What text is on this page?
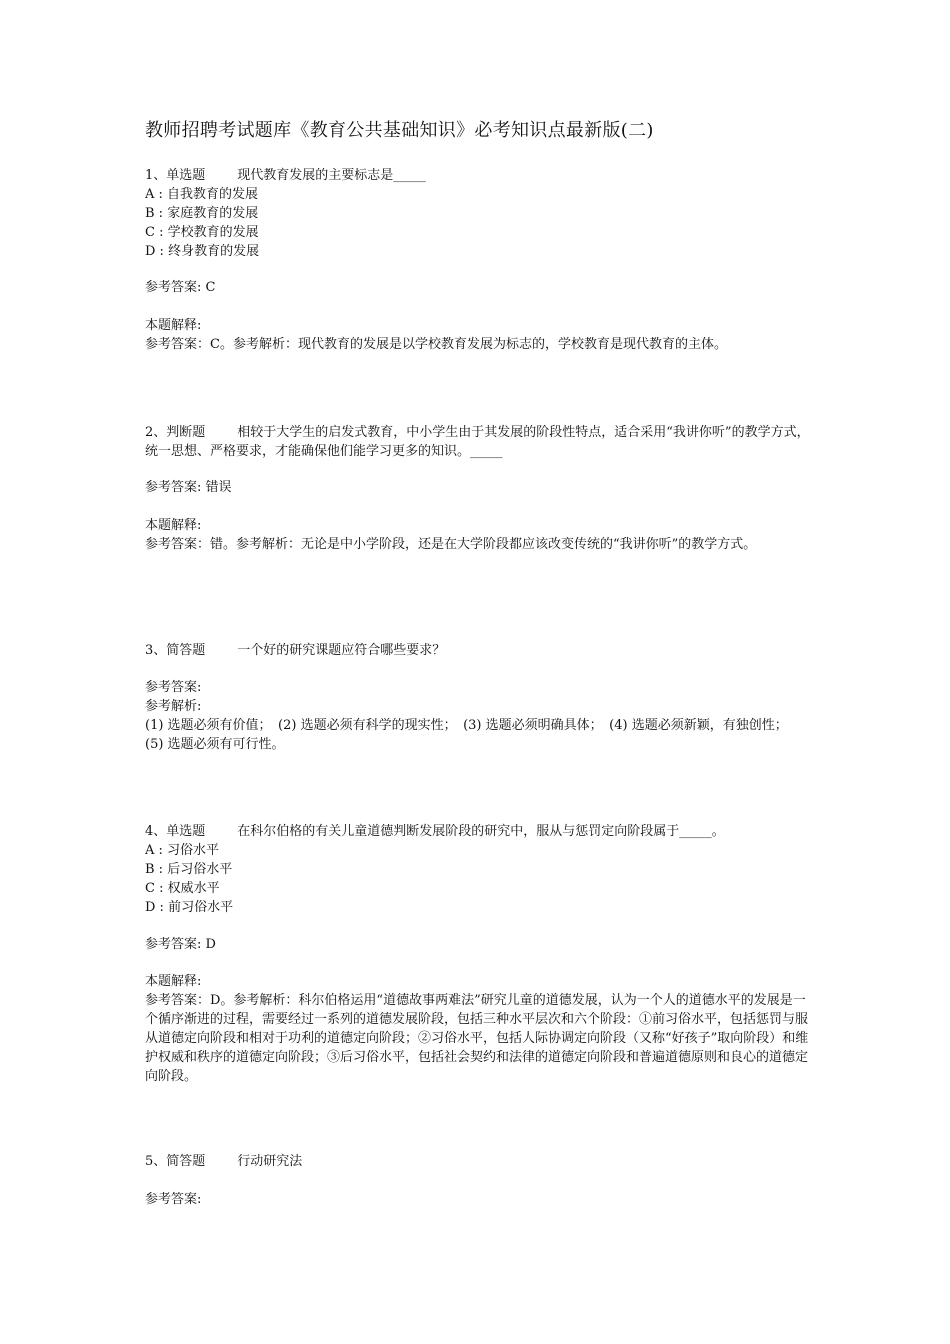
教师招聘考试题库《教育公共基础知识》必考知识点最新版(二)
1、单选题 现代教育发展的主要标志是_____
A : 自我教育的发展
B : 家庭教育的发展
C : 学校教育的发展
D : 终身教育的发展
参考答案: C
本题解释:
参考答案：C。参考解析：现代教育的发展是以学校教育发展为标志的，学校教育是现代教育的主体。
2、判断题 相较于大学生的启发式教育，中小学生由于其发展的阶段性特点，适合采用“我讲你听”的教学方式，统一思想、严格要求，才能确保他们能学习更多的知识。_____
参考答案: 错误
本题解释:
参考答案：错。参考解析：无论是中小学阶段，还是在大学阶段都应该改变传统的“我讲你听”的教学方式。
3、简答题 一个好的研究课题应符合哪些要求？
参考答案:
参考解析:
(1) 选题必须有价值；　(2) 选题必须有科学的现实性；　(3) 选题必须明确具体；　(4) 选题必须新颖，有独创性；　(5) 选题必须有可行性。
4、单选题 在科尔伯格的有关儿童道德判断发展阶段的研究中，服从与惩罚定向阶段属于_____。
A : 习俗水平
B : 后习俗水平
C : 权威水平
D : 前习俗水平
参考答案: D
本题解释:
参考答案：D。参考解析：科尔伯格运用“道德故事两难法”研究儿童的道德发展，认为一个人的道德水平的发展是一个循序渐进的过程，需要经过一系列的道德发展阶段，包括三种水平层次和六个阶段：①前习俗水平，包括惩罚与服从道德定向阶段和相对于功利的道德定向阶段；②习俗水平，包括人际协调定向阶段（又称“好孩子”取向阶段）和维护权威和秩序的道德定向阶段；③后习俗水平，包括社会契约和法律的道德定向阶段和普遍道德原则和良心的道德定向阶段。
5、简答题 行动研究法
参考答案:
